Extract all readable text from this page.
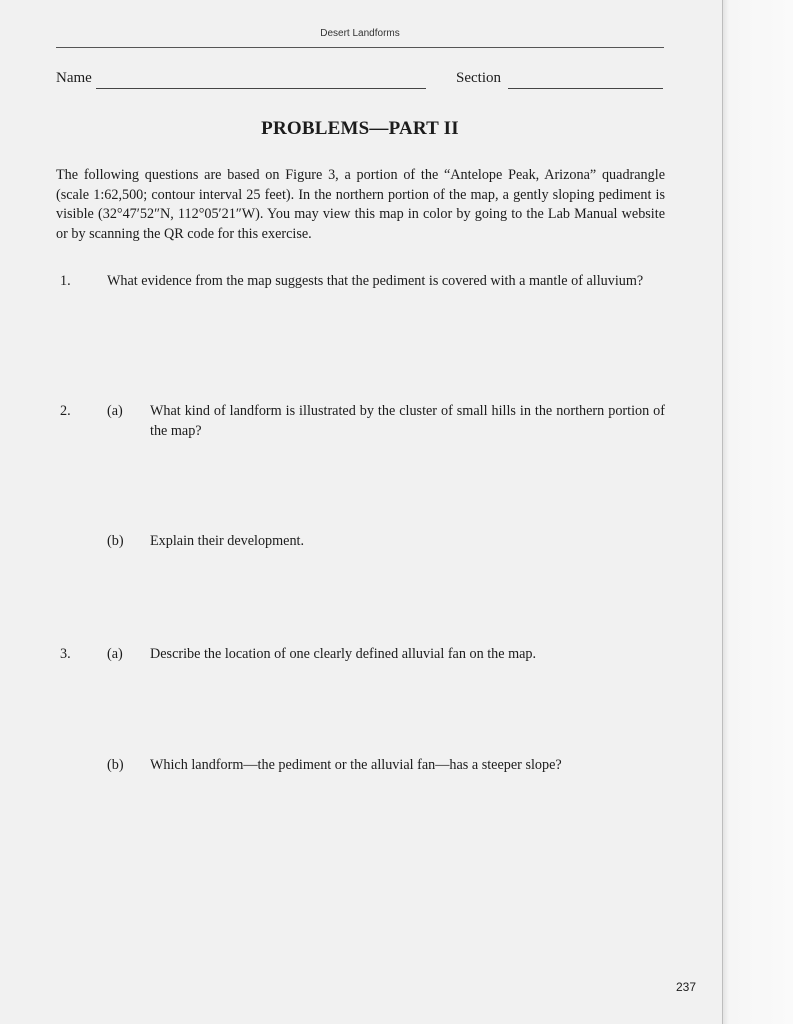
Desert Landforms
Name	Section
PROBLEMS—PART II
The following questions are based on Figure 3, a portion of the “Antelope Peak, Arizona” quadrangle (scale 1:62,500; contour interval 25 feet). In the northern portion of the map, a gently sloping pediment is visible (32°47′52″N, 112°05′21″W). You may view this map in color by going to the Lab Manual website or by scanning the QR code for this exercise.
1.	What evidence from the map suggests that the pediment is covered with a mantle of alluvium?
2.	(a) What kind of landform is illustrated by the cluster of small hills in the northern portion of the map?
(b) Explain their development.
3.	(a) Describe the location of one clearly defined alluvial fan on the map.
(b) Which landform—the pediment or the alluvial fan—has a steeper slope?
237
